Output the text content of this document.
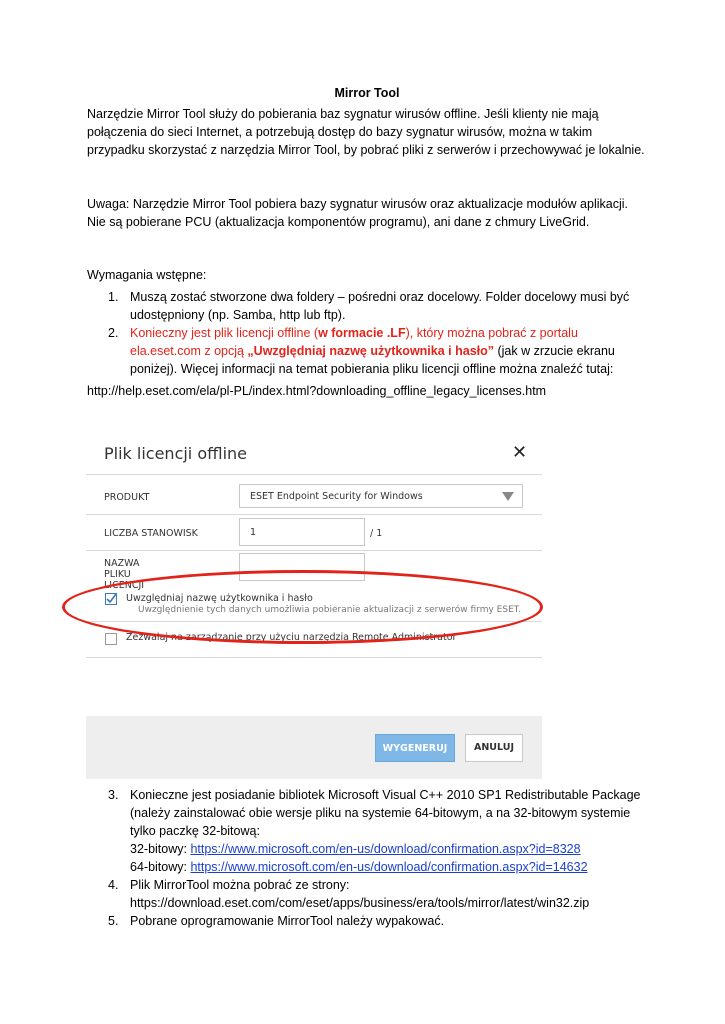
Mirror Tool

Narzędzie Mirror Tool służy do pobierania baz sygnatur wirusów offline. Jeśli klienty nie mają połączenia do sieci Internet, a potrzebują dostęp do bazy sygnatur wirusów, można w takim przypadku skorzystać z narzędzia Mirror Tool, by pobrać pliki z serwerów i przechowywać je lokalnie.

Uwaga: Narzędzie Mirror Tool pobiera bazy sygnatur wirusów oraz aktualizacje modułów aplikacji. Nie są pobierane PCU (aktualizacja komponentów programu), ani dane z chmury LiveGrid.

Wymagania wstępne:

1. Muszą zostać stworzone dwa foldery – pośredni oraz docelowy. Folder docelowy musi być udostępniony (np. Samba, http lub ftp).
2. Konieczny jest plik licencji offline (w formacie .LF), który można pobrać z portalu ela.eset.com z opcją „Uwzględniaj nazwę użytkownika i hasło” (jak w zrzucie ekranu poniżej). Więcej informacji na temat pobierania pliku licencji offline można znaleźć tutaj:

http://help.eset.com/ela/pl-PL/index.html?downloading_offline_legacy_licenses.htm

Plik licencji offline	✕
PRODUKT	ESET Endpoint Security for Windows
LICZBA STANOWISK	1	/ 1
NAZWA PLIKU LICENCJI
Uwzględniaj nazwę użytkownika i hasło
Uwzględnienie tych danych umożliwia pobieranie aktualizacji z serwerów firmy ESET.
Zezwalaj na zarządzanie przy użyciu narzędzia Remote Administrator
WYGENERUJ	ANULUJ
3. Konieczne jest posiadanie bibliotek Microsoft Visual C++ 2010 SP1 Redistributable Package (należy zainstalować obie wersje pliku na systemie 64-bitowym, a na 32-bitowym systemie tylko paczkę 32-bitową:
32-bitowy: https://www.microsoft.com/en-us/download/confirmation.aspx?id=8328
64-bitowy: https://www.microsoft.com/en-us/download/confirmation.aspx?id=14632
4. Plik MirrorTool można pobrać ze strony:
https://download.eset.com/com/eset/apps/business/era/tools/mirror/latest/win32.zip
5. Pobrane oprogramowanie MirrorTool należy wypakować.
